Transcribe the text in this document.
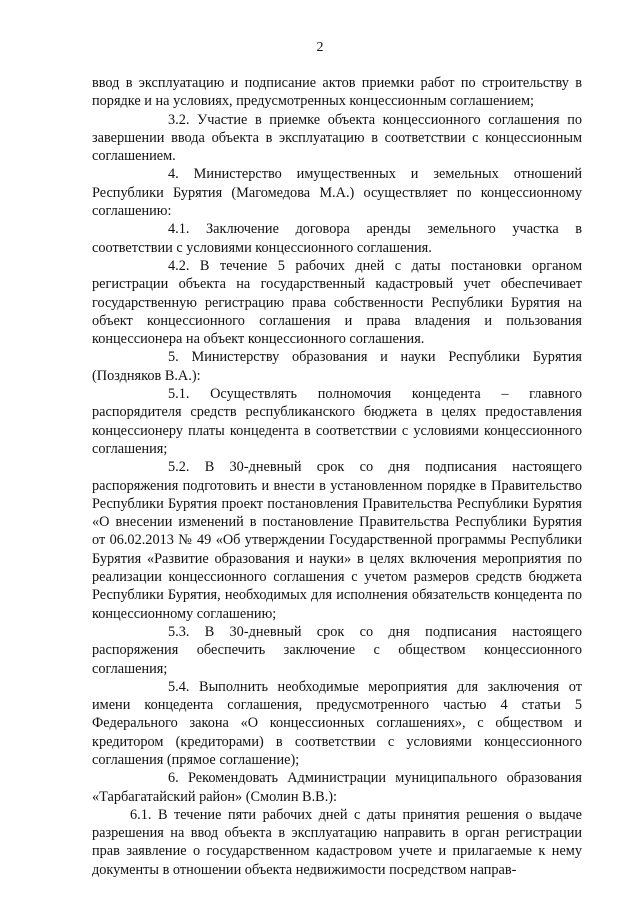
2

ввод в эксплуатацию и подписание актов приемки работ по строительству в порядке и на условиях, предусмотренных концессионным соглашением;

3.2. Участие в приемке объекта концессионного соглашения по завершении ввода объекта в эксплуатацию в соответствии с концессионным соглашением.

4. Министерство имущественных и земельных отношений Республики Бурятия (Магомедова М.А.) осуществляет по концессионному соглашению:

4.1. Заключение договора аренды земельного участка в соответствии с условиями концессионного соглашения.

4.2. В течение 5 рабочих дней с даты постановки органом регистрации объекта на государственный кадастровый учет обеспечивает государственную регистрацию права собственности Республики Бурятия на объект концессионного соглашения и права владения и пользования концессионера на объект концессионного соглашения.

5. Министерству образования и науки Республики Бурятия (Поздняков В.А.):

5.1. Осуществлять полномочия концедента – главного распорядителя средств республиканского бюджета в целях предоставления концессионеру платы концедента в соответствии с условиями концессионного соглашения;

5.2. В 30-дневный срок со дня подписания настоящего распоряжения подготовить и внести в установленном порядке в Правительство Республики Бурятия проект постановления Правительства Республики Бурятия «О внесении изменений в постановление Правительства Республики Бурятия от 06.02.2013 № 49 «Об утверждении Государственной программы Республики Бурятия «Развитие образования и науки» в целях включения мероприятия по реализации концессионного соглашения с учетом размеров средств бюджета Республики Бурятия, необходимых для исполнения обязательств концедента по концессионному соглашению;

5.3. В 30-дневный срок со дня подписания настоящего распоряжения обеспечить заключение с обществом концессионного соглашения;

5.4. Выполнить необходимые мероприятия для заключения от имени концедента соглашения, предусмотренного частью 4 статьи 5 Федерального закона «О концессионных соглашениях», с обществом и кредитором (кредиторами) в соответствии с условиями концессионного соглашения (прямое соглашение);

6. Рекомендовать Администрации муниципального образования «Тарбагатайский район» (Смолин В.В.):

6.1. В течение пяти рабочих дней с даты принятия решения о выдаче разрешения на ввод объекта в эксплуатацию направить в орган регистрации прав заявление о государственном кадастровом учете и прилагаемые к нему документы в отношении объекта недвижимости посредством направ-
